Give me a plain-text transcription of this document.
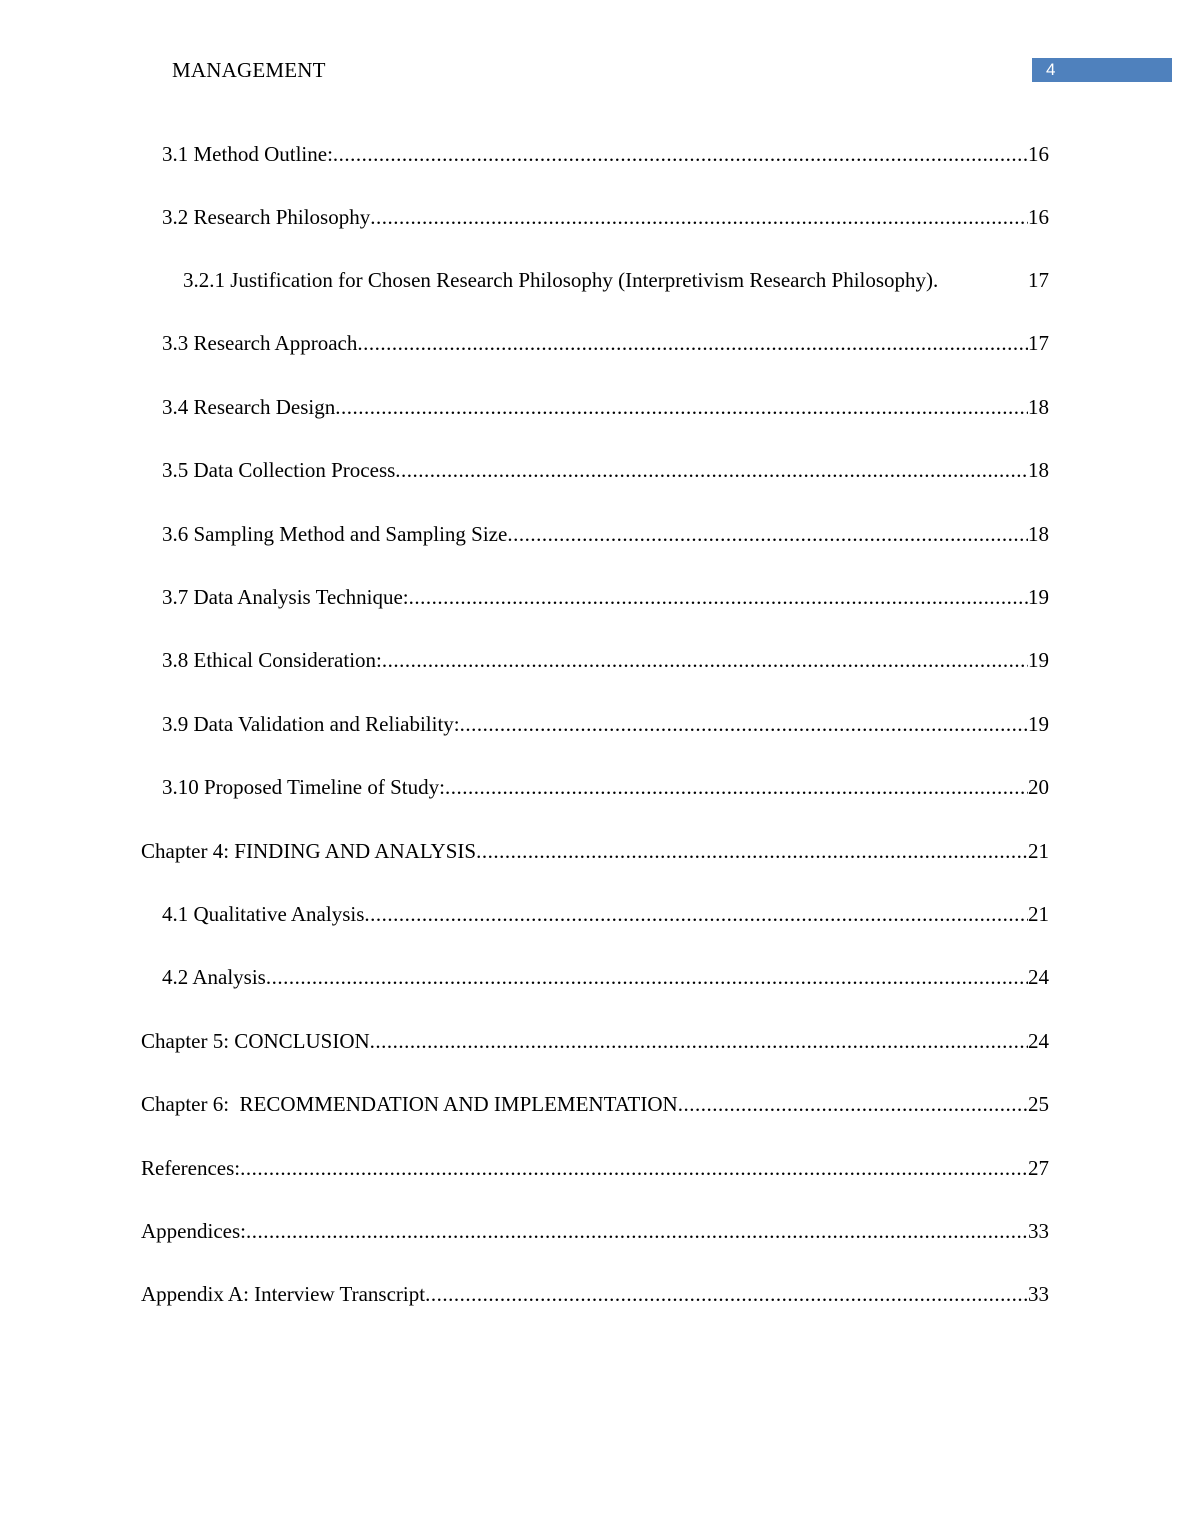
MANAGEMENT	4
3.1 Method Outline: .....	16
3.2 Research Philosophy .....	16
3.2.1 Justification for Chosen Research Philosophy (Interpretivism Research Philosophy).	17
3.3 Research Approach .....	17
3.4 Research Design .....	18
3.5 Data Collection Process .....	18
3.6 Sampling Method and Sampling Size .....	18
3.7 Data Analysis Technique: .....	19
3.8 Ethical Consideration: .....	19
3.9 Data Validation and Reliability: .....	19
3.10 Proposed Timeline of Study: .....	20
Chapter 4: FINDING AND ANALYSIS .....	21
4.1 Qualitative Analysis .....	21
4.2 Analysis .....	24
Chapter 5: CONCLUSION .....	24
Chapter 6:  RECOMMENDATION AND IMPLEMENTATION .....	25
References: .....	27
Appendices: .....	33
Appendix A: Interview Transcript .....	33
